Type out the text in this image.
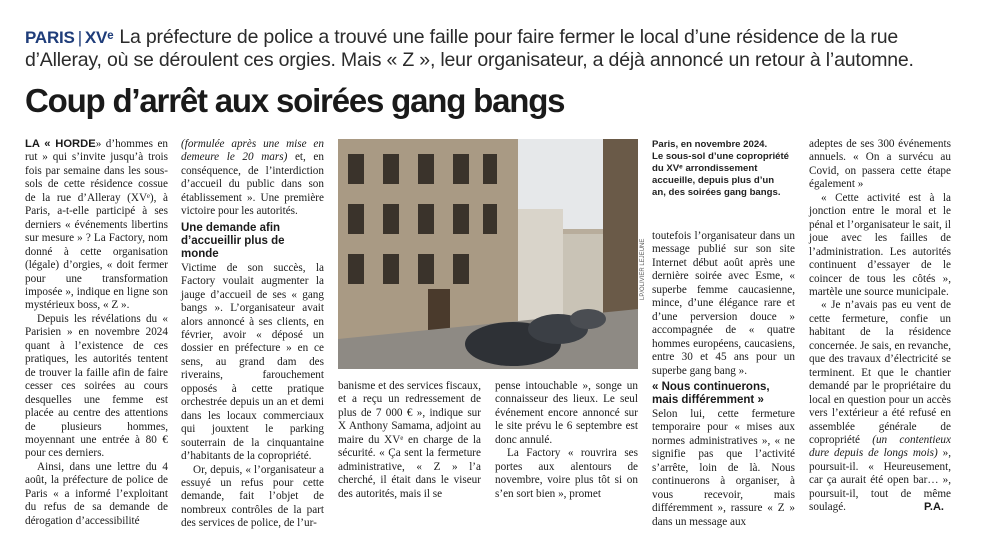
PARIS | XVᵉ La préfecture de police a trouvé une faille pour faire fermer le local d’une résidence de la rue d’Alleray, où se déroulent ces orgies. Mais « Z », leur organisateur, a déjà annoncé un retour à l’automne.
Coup d’arrêt aux soirées gang bangs

LA « HORDE» d’hommes en rut » qui s’invite jusqu’à trois fois par semaine dans les sous-sols de cette résidence cossue de la rue d’Alleray (XVᵉ), à Paris, a-t-elle participé à ses derniers « événements libertins sur mesure » ? La Factory, nom donné à cette organisation (légale) d’orgies, « doit fermer pour une transformation imposée », indique en ligne son mystérieux boss, « Z ».

Depuis les révélations du « Parisien » en novembre 2024 quant à l’existence de ces pratiques, les autorités tentent de trouver la faille afin de faire cesser ces soirées au cours desquelles une femme est placée au centre des attentions de plusieurs hommes, moyennant une entrée à 80 € pour ces derniers.

Ainsi, dans une lettre du 4 août, la préfecture de police de Paris « a informé l’exploitant du refus de sa demande de dérogation d’accessibilité

(formulée après une mise en demeure le 20 mars) et, en conséquence, de l’interdiction d’accueil du public dans son établissement ». Une première victoire pour les autorités.

Une demande afin d’accueillir plus de monde

Victime de son succès, la Factory voulait augmenter la jauge d’accueil de ses « gang bangs ». L’organisateur avait alors annoncé à ses clients, en février, avoir « déposé un dossier en préfecture » en ce sens, au grand dam des riverains, farouchement opposés à cette pratique orchestrée depuis un an et demi dans les locaux commerciaux qui jouxtent le parking souterrain de la cinquantaine d’habitants de la copropriété.

Or, depuis, « l’organisateur a essuyé un refus pour cette demande, fait l’objet de nombreux contrôles de la part des services de police, de l’ur-

LP/OLIVIER LEJEUNE
Paris, en novembre 2024.
Le sous-sol d’une copropriété du XVᵉ arrondissement accueille, depuis plus d’un an, des soirées gang bangs.

banisme et des services fiscaux, et a reçu un redressement de plus de 7 000 € », indique sur X Anthony Samama, adjoint au maire du XVᵉ en charge de la sécurité. « Ça sent la fermeture administrative, « Z » l’a cherché, il était dans le viseur des autorités, mais il se

pense intouchable », songe un connaisseur des lieux. Le seul événement encore annoncé sur le site prévu le 6 septembre est donc annulé.

La Factory « rouvrira ses portes aux alentours de novembre, voire plus tôt si on s’en sort bien », promet

toutefois l’organisateur dans un message publié sur son site Internet début août après une dernière soirée avec Esme, « superbe femme caucasienne, mince, d’une élégance rare et d’une perversion douce » accompagnée de « quatre hommes européens, caucasiens, entre 30 et 45 ans pour un superbe gang bang ».

« Nous continuerons, mais différemment »

Selon lui, cette fermeture temporaire pour « mises aux normes administratives », « ne signifie pas que l’activité s’arrête, loin de là. Nous continuerons à organiser, à vous recevoir, mais différemment », rassure « Z » dans un message aux

adeptes de ses 300 événements annuels. « On a survécu au Covid, on passera cette étape également »

« Cette activité est à la jonction entre le moral et le pénal et l’organisateur le sait, il joue avec les failles de l’administration. Les autorités continuent d’essayer de le coincer de tous les côtés », martèle une source municipale.

« Je n’avais pas eu vent de cette fermeture, confie un habitant de la résidence concernée. Je sais, en revanche, que des travaux d’électricité se terminent. Et que le chantier demandé par le propriétaire du local en question pour un accès vers l’extérieur a été refusé en assemblée générale de copropriété (un contentieux dure depuis de longs mois) », poursuit-il. « Heureusement, car ça aurait été open bar… », poursuit-il, tout de même soulagé.	P.A.
